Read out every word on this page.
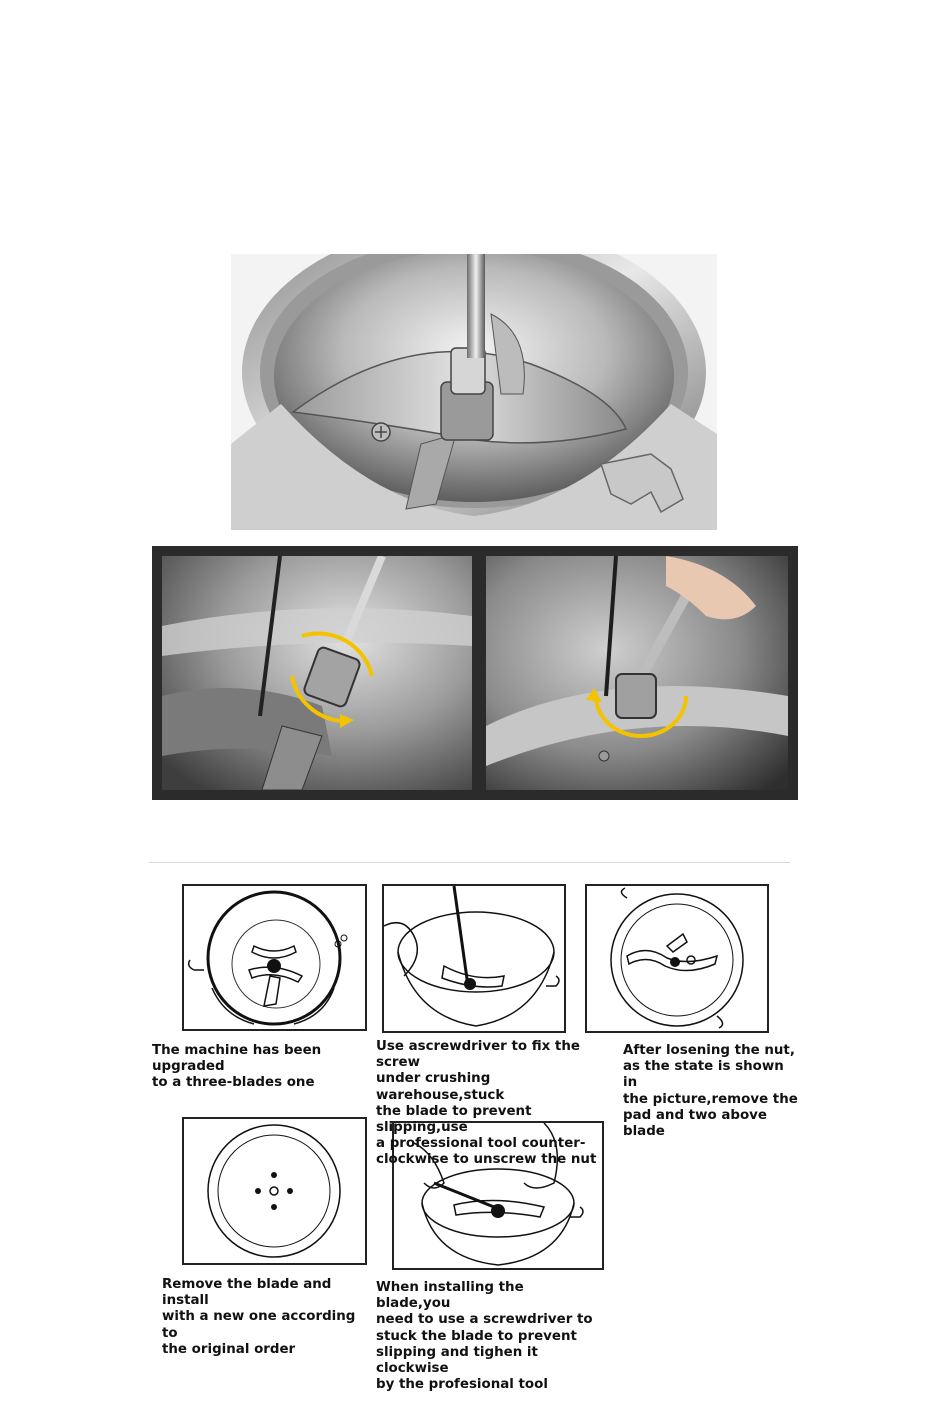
The machine has been upgraded
to a three-blades one
Use ascrewdriver to fix the screw
under crushing warehouse,stuck
the blade to prevent slipping,use
a professional tool counter-
clockwise to unscrew the nut
After losening the nut,
as the state is shown in
the picture,remove the
pad and two above blade
Remove the blade and install
with a new one according to
the original order
When installing the blade,you
need to use a screwdriver to
stuck the blade to prevent
slipping and tighen it clockwise
by the profesional tool
